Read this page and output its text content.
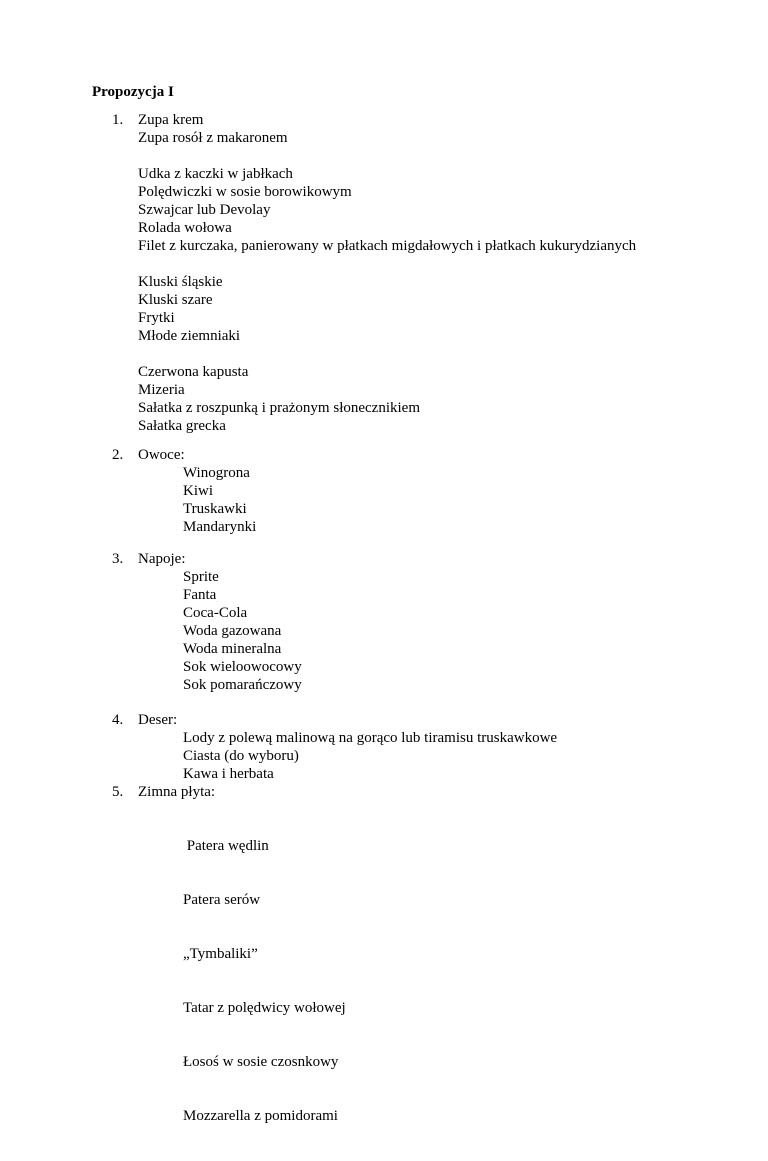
Propozycja I
1. Zupa krem
Zupa rosół z makaronem
Udka z kaczki w jabłkach
Polędwiczki w sosie borowikowym
Szwajcar lub Devolay
Rolada wołowa
Filet z kurczaka, panierowany w płatkach migdałowych i płatkach kukurydzianych
Kluski śląskie
Kluski szare
Frytki
Młode ziemniaki
Czerwona kapusta
Mizeria
Sałatka z roszpunką i prażonym słonecznikiem
Sałatka grecka
2. Owoce:
Winogrona
Kiwi
Truskawki
Mandarynki
3. Napoje:
Sprite
Fanta
Coca-Cola
Woda gazowana
Woda mineralna
Sok wieloowocowy
Sok pomarańczowy
4. Deser:
Lody z polewą malinową na gorąco lub tiramisu truskawkowe
Ciasta (do wyboru)
Kawa i herbata
5. Zimna płyta:

Patera wędlin

Patera serów

„Tymbaliki”

Tatar z polędwicy wołowej

Łosoś w sosie czosnkowy

Mozzarella z pomidorami
